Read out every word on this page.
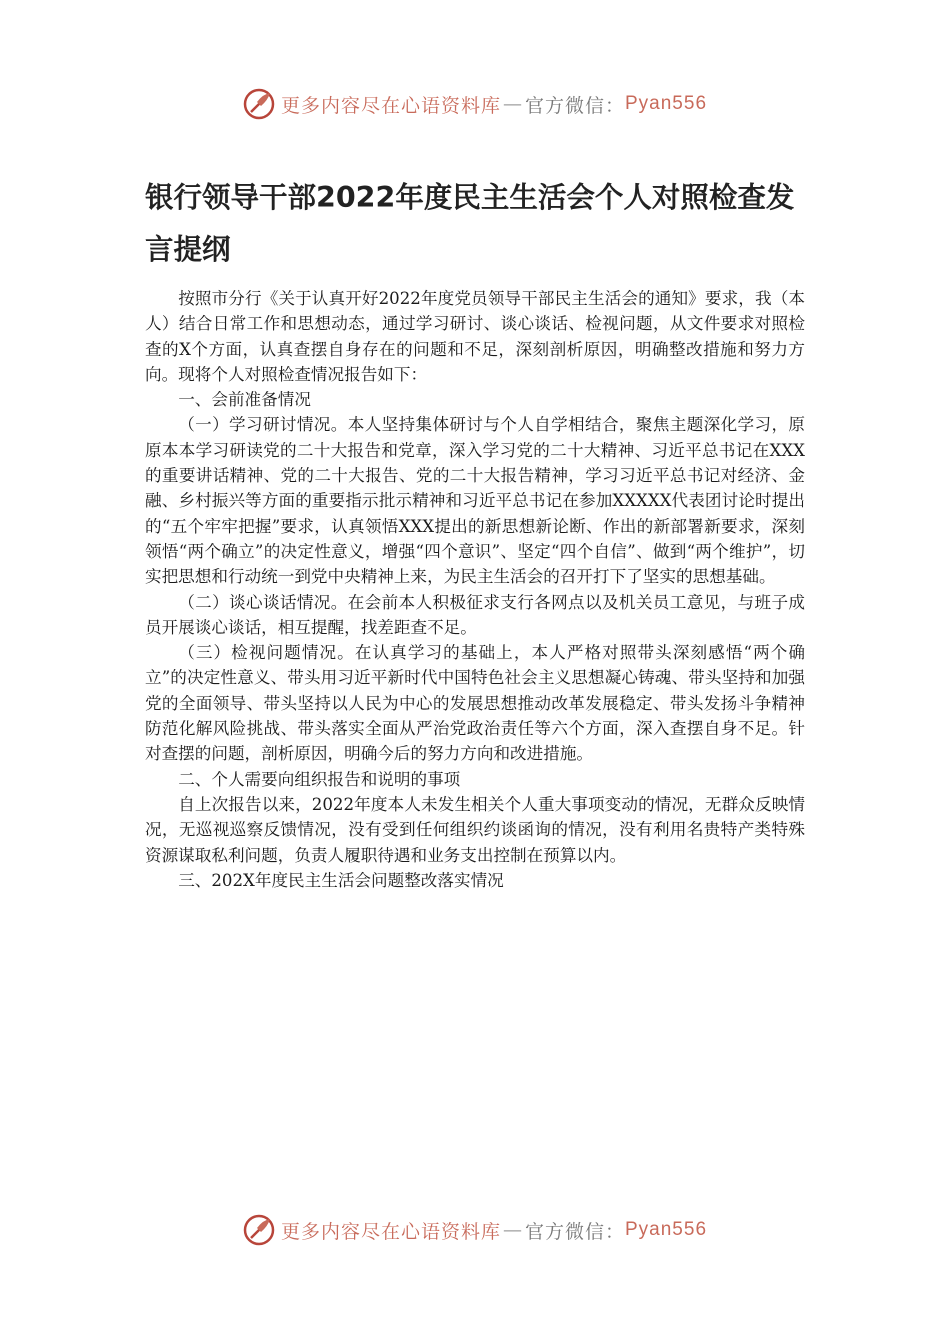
更多内容尽在心语资料库 — 官方微信： Pyan556
银行领导干部2022年度民主生活会个人对照检查发言提纲

按照市分行《关于认真开好2022年度党员领导干部民主生活会的通知》要求，我（本人）结合日常工作和思想动态，通过学习研讨、谈心谈话、检视问题，从文件要求对照检查的X个方面，认真查摆自身存在的问题和不足，深刻剖析原因，明确整改措施和努力方向。现将个人对照检查情况报告如下：

一、会前准备情况

（一）学习研讨情况。本人坚持集体研讨与个人自学相结合，聚焦主题深化学习，原原本本学习研读党的二十大报告和党章，深入学习党的二十大精神、习近平总书记在XXX的重要讲话精神、党的二十大报告、党的二十大报告精神，学习习近平总书记对经济、金融、乡村振兴等方面的重要指示批示精神和习近平总书记在参加XXXXX代表团讨论时提出的“五个牢牢把握”要求，认真领悟XXX提出的新思想新论断、作出的新部署新要求，深刻领悟“两个确立”的决定性意义，增强“四个意识”、坚定“四个自信”、做到“两个维护”，切实把思想和行动统一到党中央精神上来，为民主生活会的召开打下了坚实的思想基础。

（二）谈心谈话情况。在会前本人积极征求支行各网点以及机关员工意见，与班子成员开展谈心谈话，相互提醒，找差距查不足。

（三）检视问题情况。在认真学习的基础上，本人严格对照带头深刻感悟“两个确立”的决定性意义、带头用习近平新时代中国特色社会主义思想凝心铸魂、带头坚持和加强党的全面领导、带头坚持以人民为中心的发展思想推动改革发展稳定、带头发扬斗争精神防范化解风险挑战、带头落实全面从严治党政治责任等六个方面，深入查摆自身不足。针对查摆的问题，剖析原因，明确今后的努力方向和改进措施。

二、个人需要向组织报告和说明的事项

自上次报告以来，2022年度本人未发生相关个人重大事项变动的情况，无群众反映情况，无巡视巡察反馈情况，没有受到任何组织约谈函询的情况，没有利用名贵特产类特殊资源谋取私利问题，负责人履职待遇和业务支出控制在预算以内。

三、202X年度民主生活会问题整改落实情况

更多内容尽在心语资料库 — 官方微信： Pyan556
